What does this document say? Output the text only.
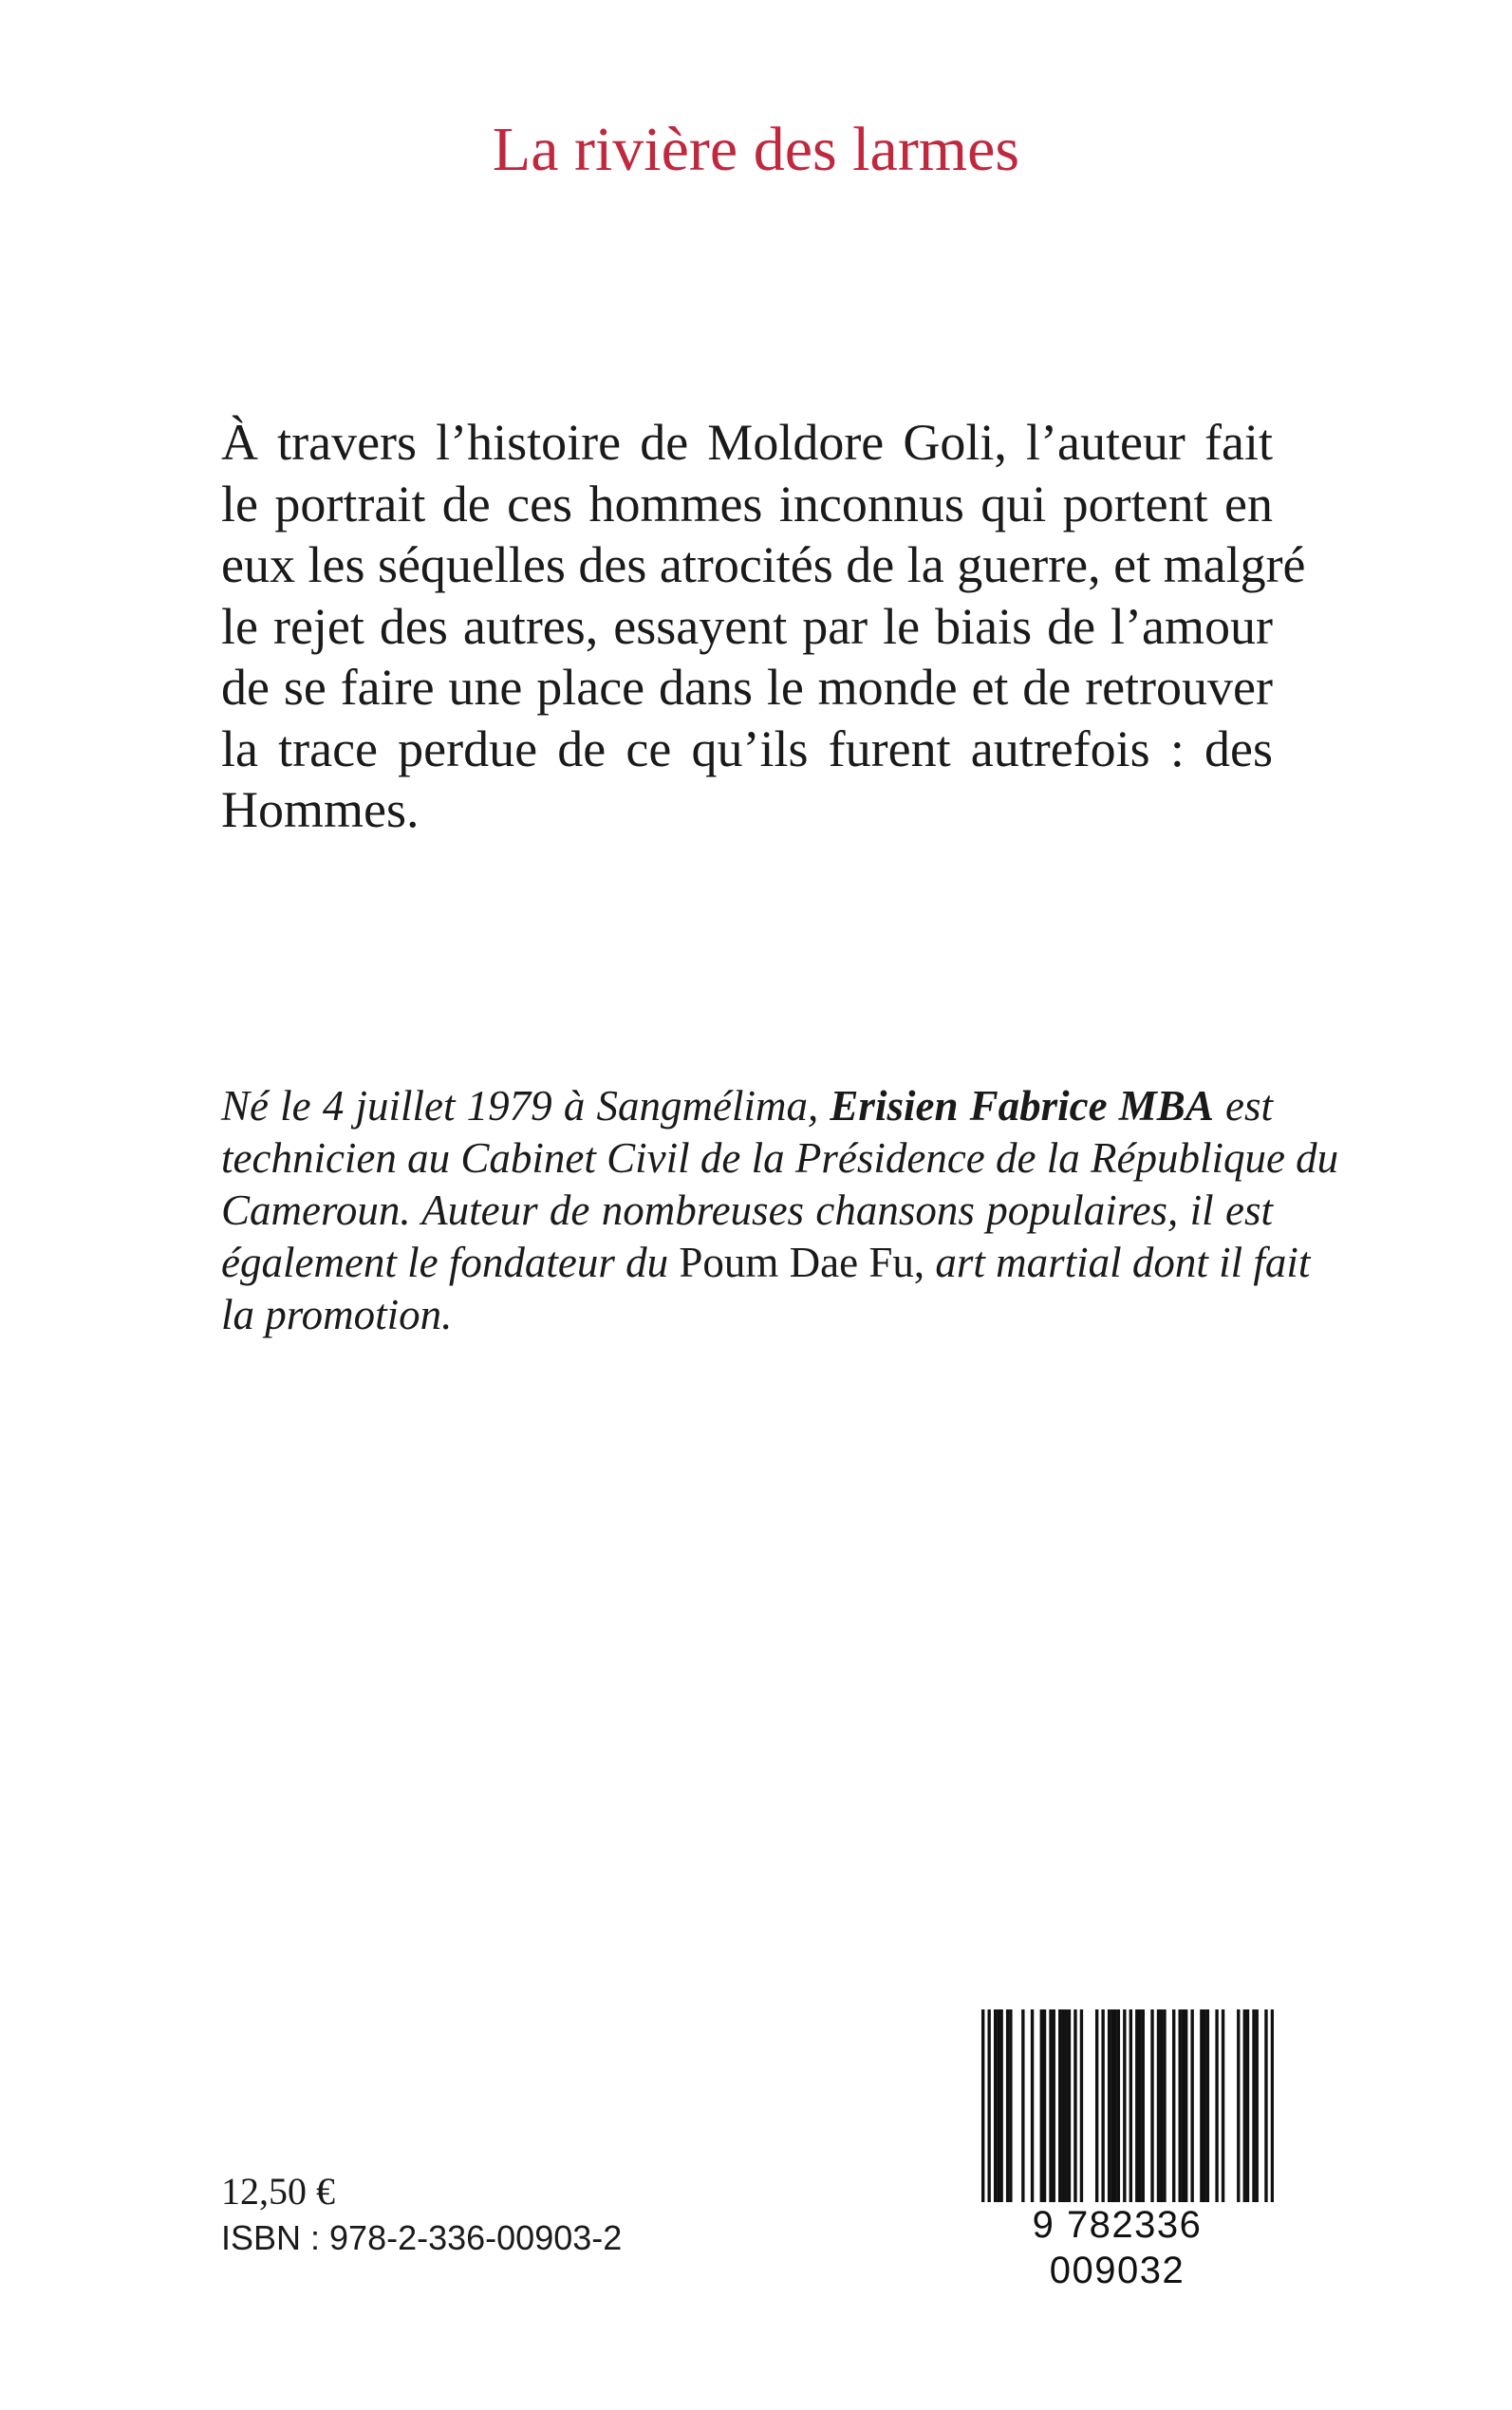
La rivière des larmes
À travers l’histoire de Moldore Goli, l’auteur fait
le portrait de ces hommes inconnus qui portent en
eux les séquelles des atrocités de la guerre, et malgré
le rejet des autres, essayent par le biais de l’amour
de se faire une place dans le monde et de retrouver
la trace perdue de ce qu’ils furent autrefois : des
Hommes.
Né le 4 juillet 1979 à Sangmélima, Erisien Fabrice MBA est
technicien au Cabinet Civil de la Présidence de la République du
Cameroun. Auteur de nombreuses chansons populaires, il est
également le fondateur du Poum Dae Fu, art martial dont il fait
la promotion.
12,50 €
ISBN : 978-2-336-00903-2	9 782336 009032
